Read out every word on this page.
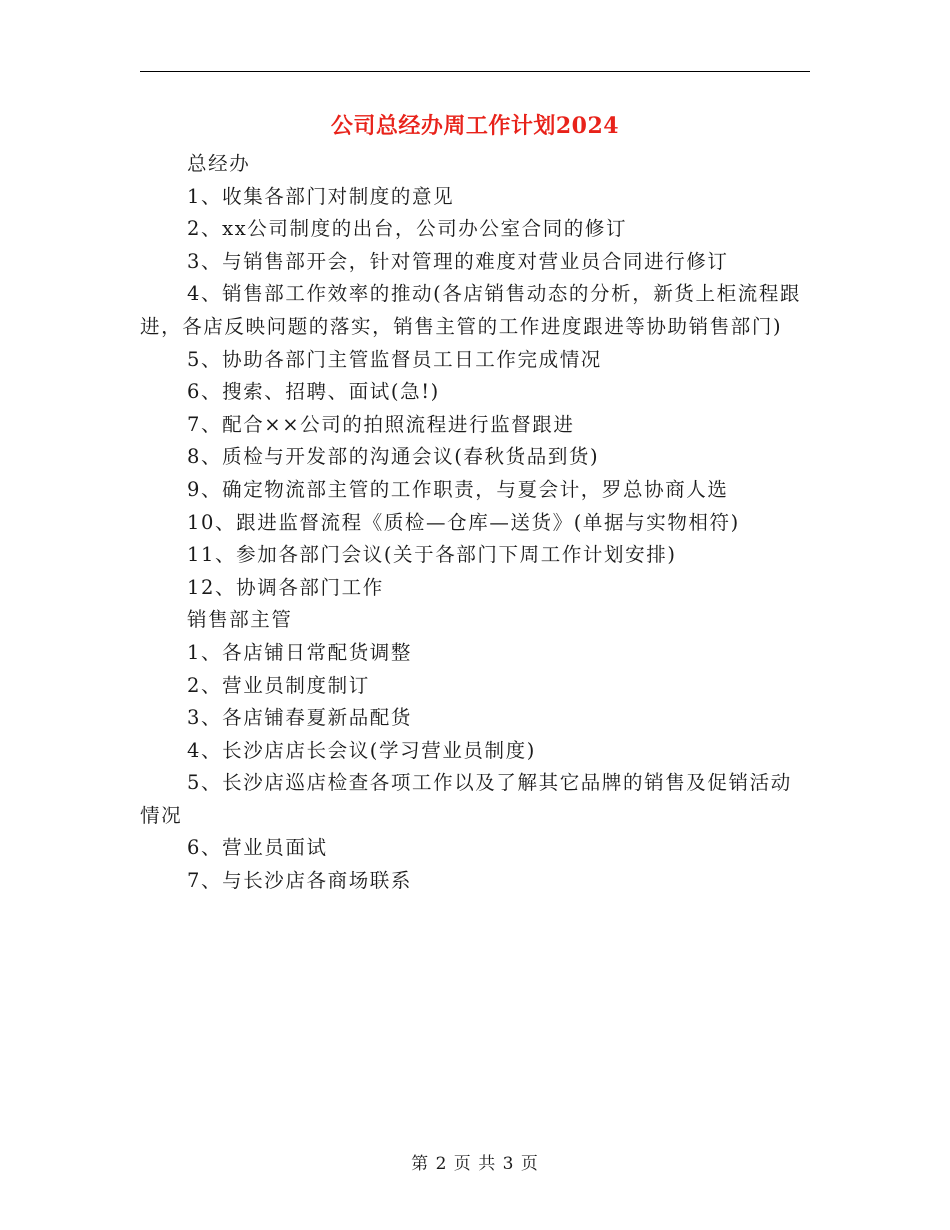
公司总经办周工作计划2024

总经办

1、收集各部门对制度的意见

2、xx公司制度的出台，公司办公室合同的修订

3、与销售部开会，针对管理的难度对营业员合同进行修订

4、销售部工作效率的推动(各店销售动态的分析，新货上柜流程跟进，各店反映问题的落实，销售主管的工作进度跟进等协助销售部门)

5、协助各部门主管监督员工日工作完成情况

6、搜索、招聘、面试(急!)

7、配合××公司的拍照流程进行监督跟进

8、质检与开发部的沟通会议(春秋货品到货)

9、确定物流部主管的工作职责，与夏会计，罗总协商人选

10、跟进监督流程《质检—仓库—送货》(单据与实物相符)

11、参加各部门会议(关于各部门下周工作计划安排)

12、协调各部门工作

销售部主管

1、各店铺日常配货调整

2、营业员制度制订

3、各店铺春夏新品配货

4、长沙店店长会议(学习营业员制度)

5、长沙店巡店检查各项工作以及了解其它品牌的销售及促销活动情况

6、营业员面试

7、与长沙店各商场联系

第 2 页 共 3 页
